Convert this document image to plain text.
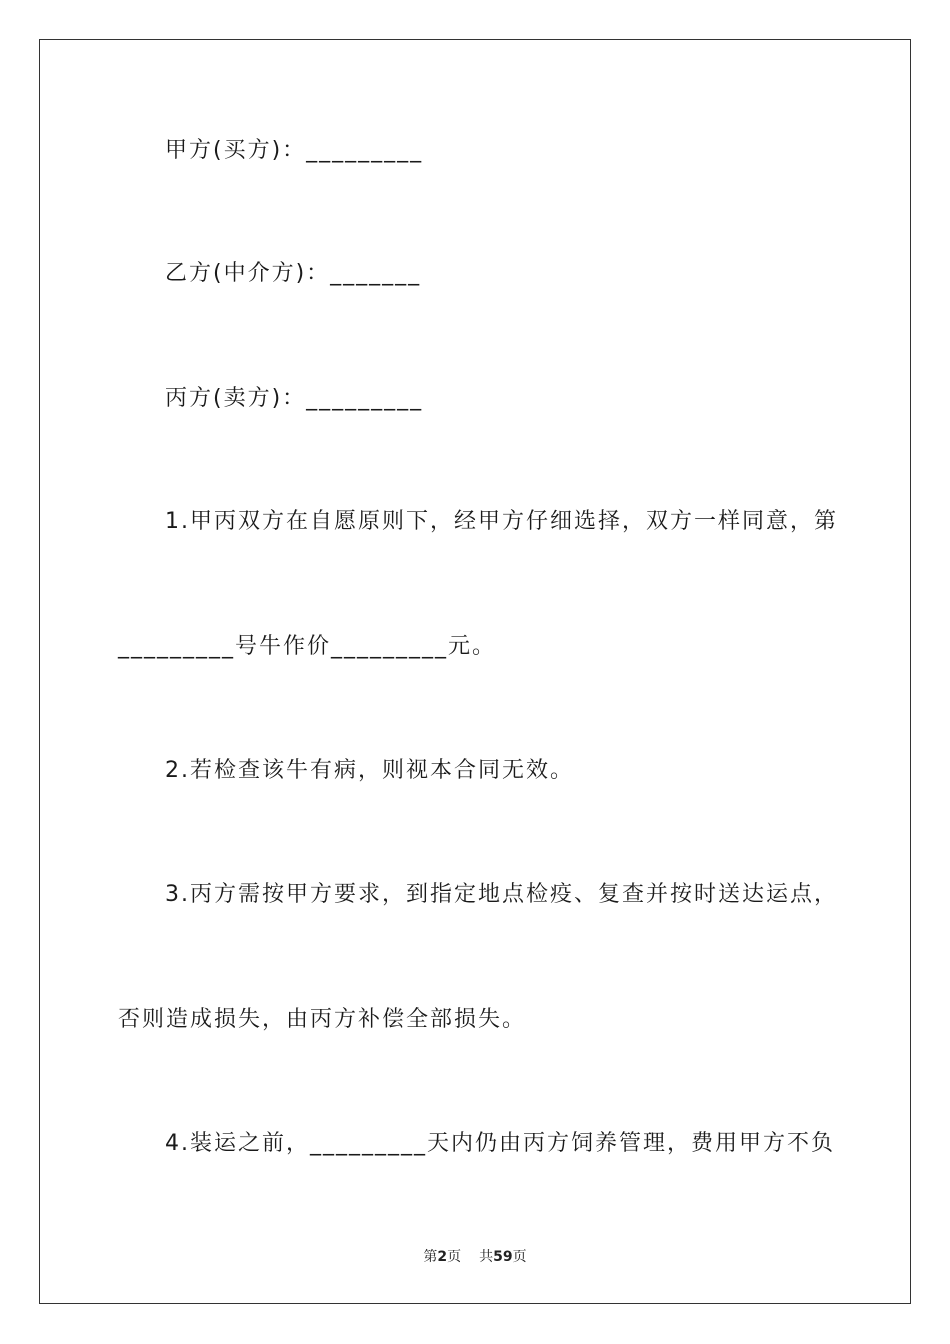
甲方(买方)：_________
乙方(中介方)：_______
丙方(卖方)：_________
1.甲丙双方在自愿原则下，经甲方仔细选择，双方一样同意，第
_________号牛作价_________元。
2.若检查该牛有病，则视本合同无效。
3.丙方需按甲方要求，到指定地点检疫、复查并按时送达运点，
否则造成损失，由丙方补偿全部损失。
4.装运之前，_________天内仍由丙方饲养管理，费用甲方不负
第2页 共59页
